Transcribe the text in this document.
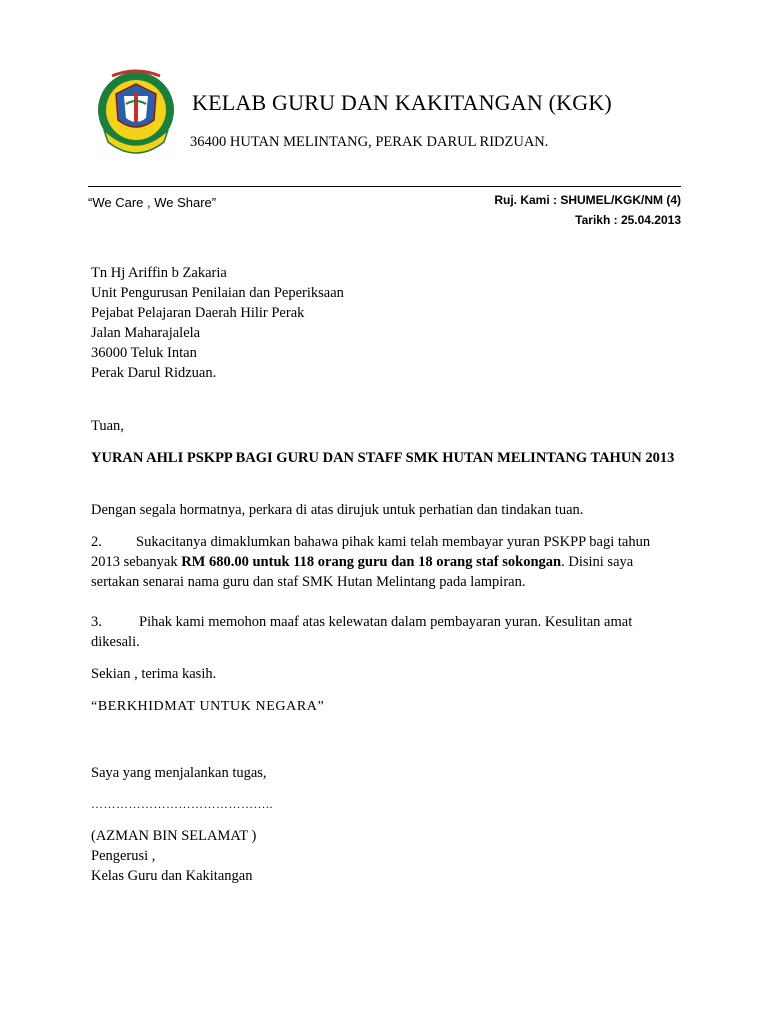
KELAB GURU DAN KAKITANGAN (KGK)
36400 HUTAN MELINTANG, PERAK DARUL RIDZUAN.
“We Care , We Share”	Ruj. Kami : SHUMEL/KGK/NM (4)
Tarikh : 25.04.2013
Tn Hj Ariffin b Zakaria
Unit Pengurusan Penilaian dan Peperiksaan
Pejabat Pelajaran Daerah Hilir Perak
Jalan Maharajalela
36000 Teluk Intan
Perak Darul Ridzuan.
Tuan,
YURAN AHLI PSKPP BAGI GURU DAN STAFF SMK HUTAN MELINTANG TAHUN 2013
Dengan segala hormatnya, perkara di atas dirujuk untuk perhatian dan tindakan tuan.
2. Sukacitanya dimaklumkan bahawa pihak kami telah membayar yuran PSKPP bagi tahun 2013 sebanyak RM 680.00 untuk 118 orang guru dan 18 orang staf sokongan. Disini saya sertakan senarai nama guru dan staf SMK Hutan Melintang pada lampiran.
3.	Pihak kami memohon maaf atas kelewatan dalam pembayaran yuran. Kesulitan amat dikesali.
Sekian , terima kasih.
“BERKHIDMAT UNTUK NEGARA”
Saya yang menjalankan tugas,
……………………………………..
(AZMAN BIN SELAMAT )
Pengerusi ,
Kelas Guru dan Kakitangan
